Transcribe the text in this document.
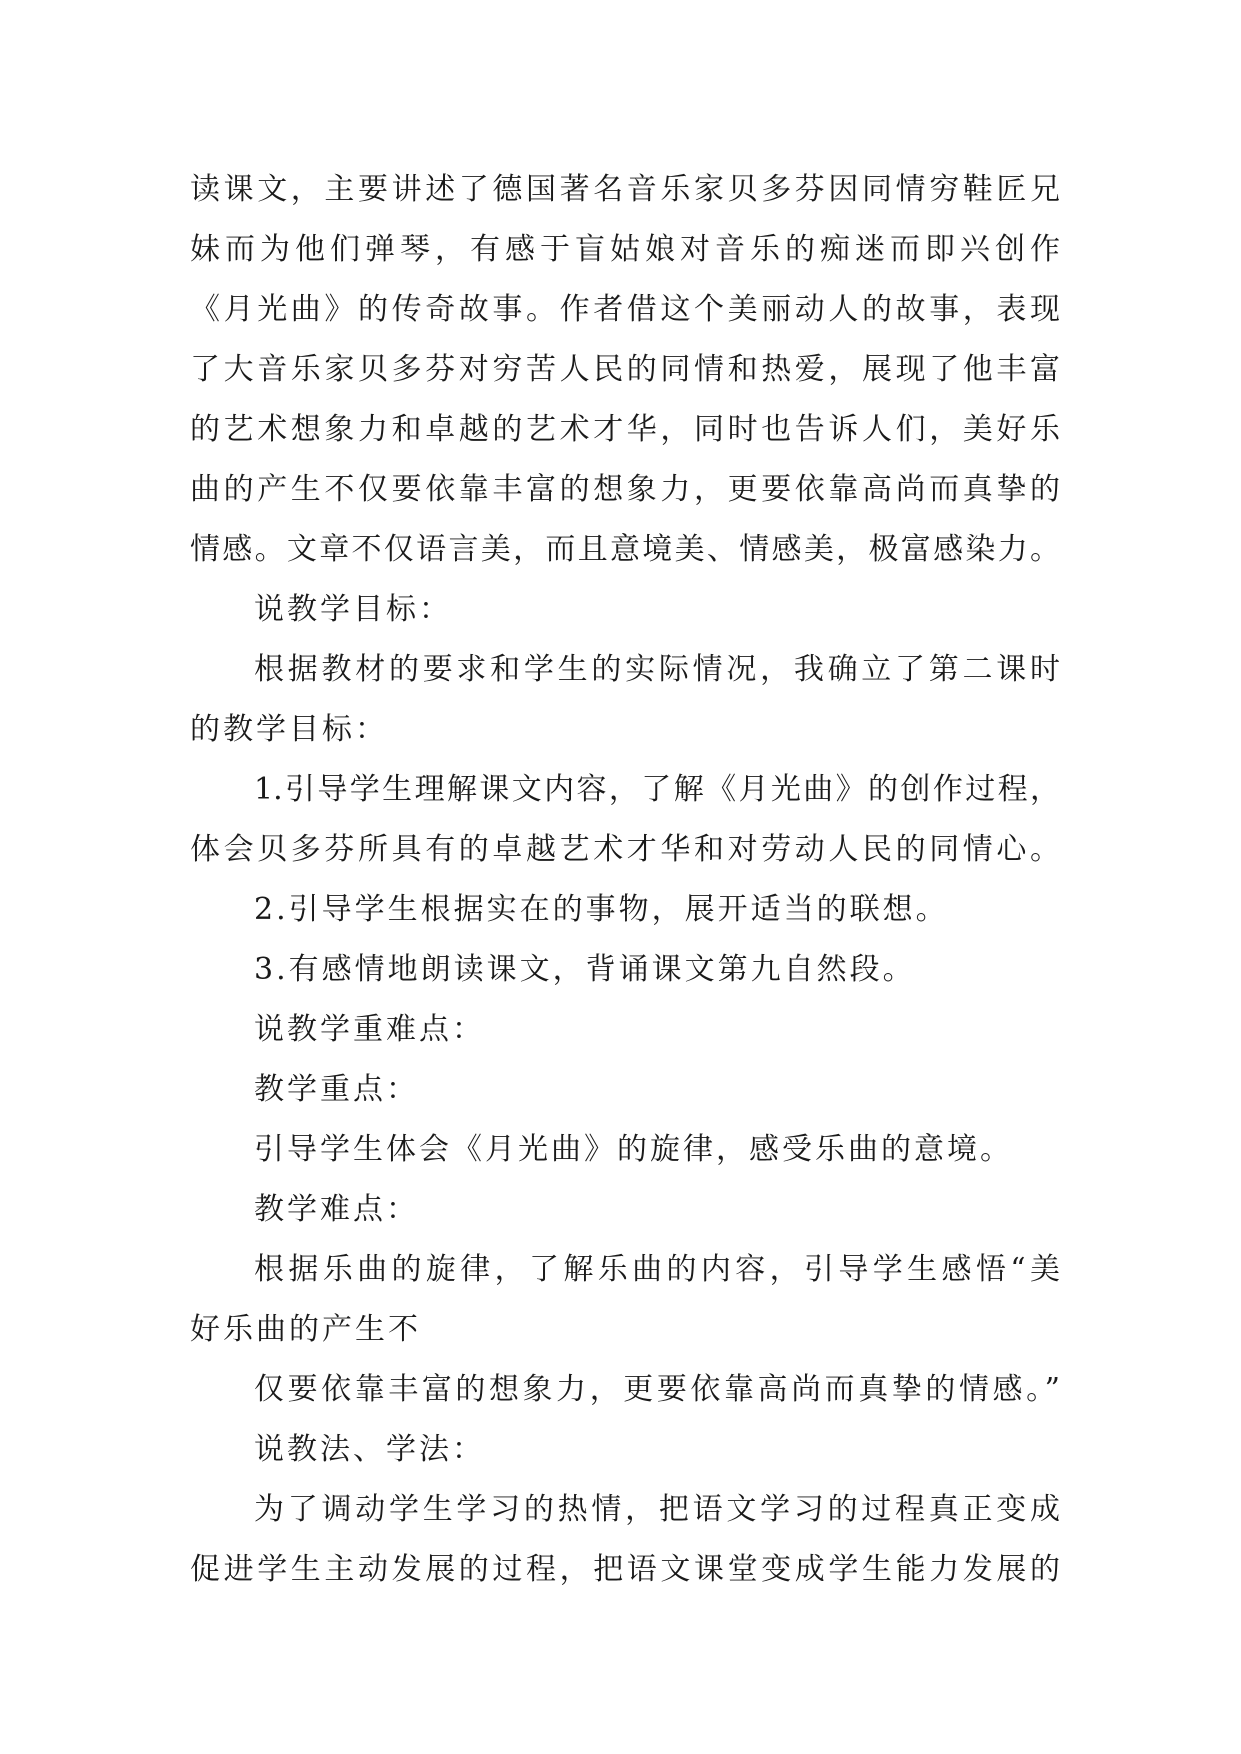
读课文，主要讲述了德国著名音乐家贝多芬因同情穷鞋匠兄
妹而为他们弹琴，有感于盲姑娘对音乐的痴迷而即兴创作
《月光曲》的传奇故事。作者借这个美丽动人的故事，表现
了大音乐家贝多芬对穷苦人民的同情和热爱，展现了他丰富
的艺术想象力和卓越的艺术才华，同时也告诉人们，美好乐
曲的产生不仅要依靠丰富的想象力，更要依靠高尚而真挚的
情感。文章不仅语言美，而且意境美、情感美，极富感染力。
说教学目标：
根据教材的要求和学生的实际情况，我确立了第二课时
的教学目标：
1.引导学生理解课文内容，了解《月光曲》的创作过程，
体会贝多芬所具有的卓越艺术才华和对劳动人民的同情心。
2.引导学生根据实在的事物，展开适当的联想。
3.有感情地朗读课文，背诵课文第九自然段。
说教学重难点：
教学重点：
引导学生体会《月光曲》的旋律，感受乐曲的意境。
教学难点：
根据乐曲的旋律，了解乐曲的内容，引导学生感悟“美
好乐曲的产生不
仅要依靠丰富的想象力，更要依靠高尚而真挚的情感。”
说教法、学法：
为了调动学生学习的热情，把语文学习的过程真正变成
促进学生主动发展的过程，把语文课堂变成学生能力发展的
